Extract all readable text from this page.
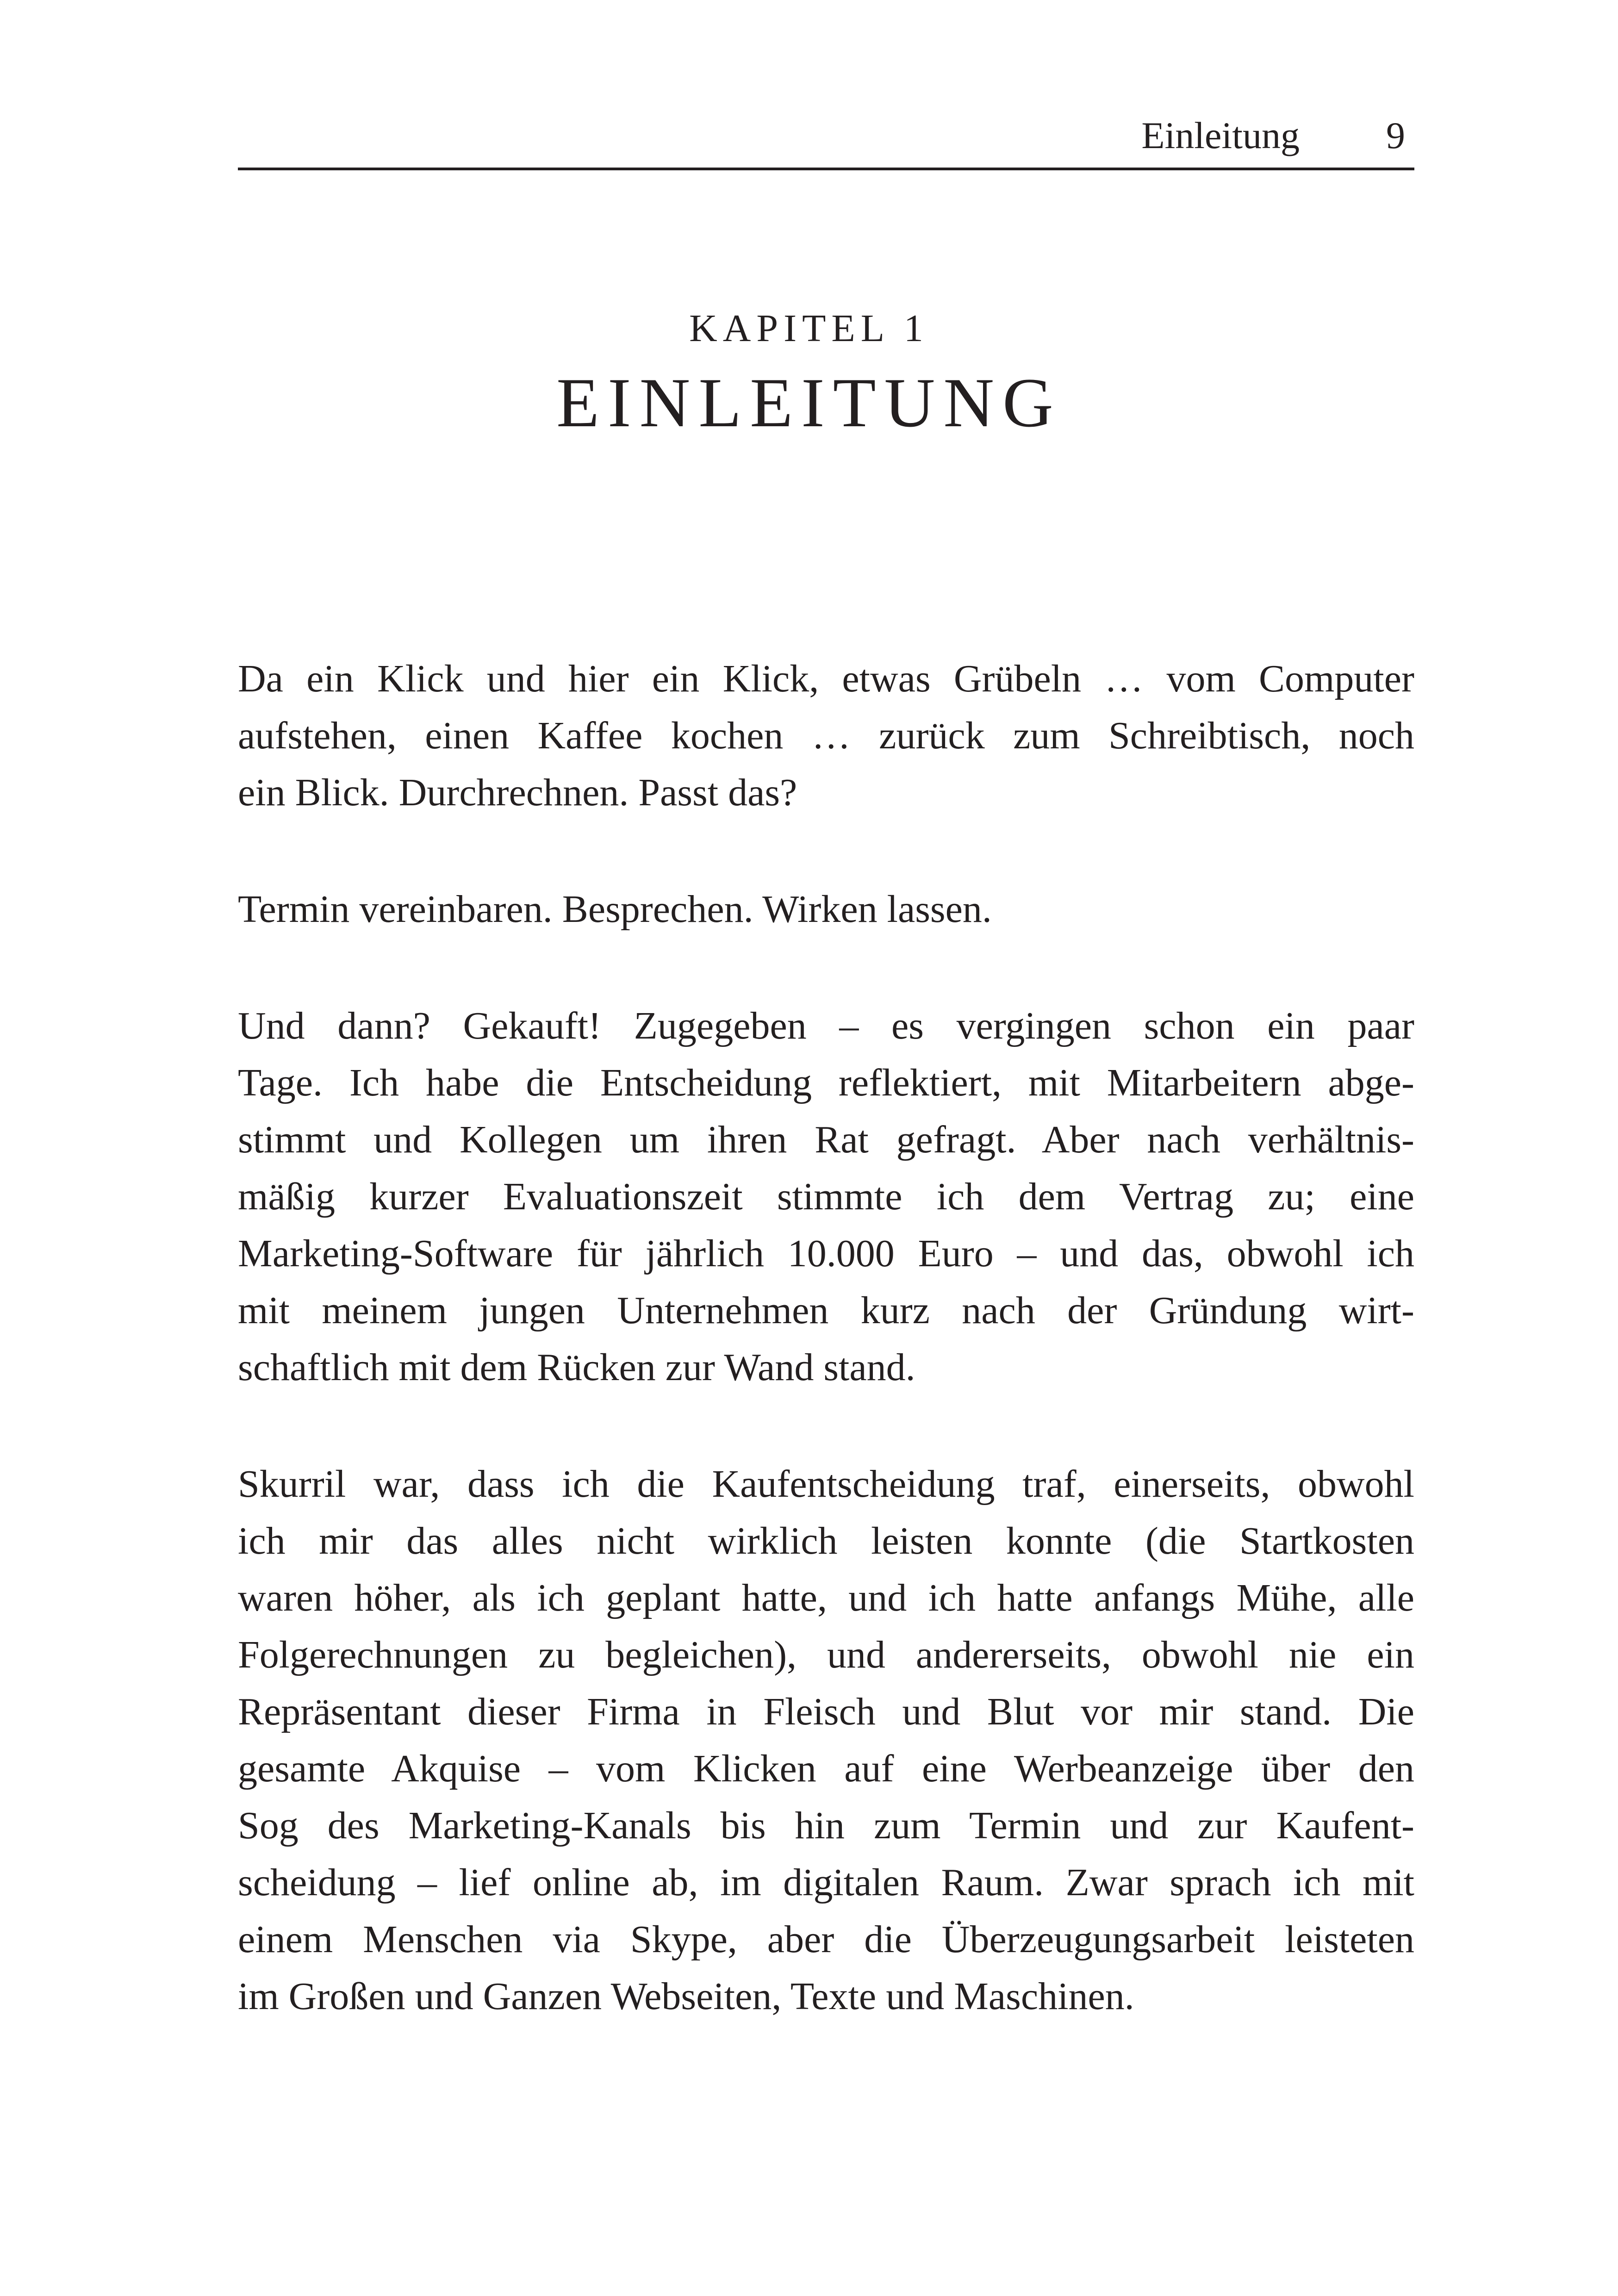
Einleitung 9
KAPITEL 1
EINLEITUNG

Da ein Klick und hier ein Klick, etwas Grübeln … vom Computer
aufstehen, einen Kaffee kochen … zurück zum Schreibtisch, noch
ein Blick. Durchrechnen. Passt das?

Termin vereinbaren. Besprechen. Wirken lassen.

Und dann? Gekauft! Zugegeben – es vergingen schon ein paar
Tage. Ich habe die Entscheidung reflektiert, mit Mitarbeitern abge-
stimmt und Kollegen um ihren Rat gefragt. Aber nach verhältnis-
mäßig kurzer Evaluationszeit stimmte ich dem Vertrag zu; eine
Marketing-Software für jährlich 10.000 Euro – und das, obwohl ich
mit meinem jungen Unternehmen kurz nach der Gründung wirt-
schaftlich mit dem Rücken zur Wand stand.

Skurril war, dass ich die Kaufentscheidung traf, einerseits, obwohl
ich mir das alles nicht wirklich leisten konnte (die Startkosten
waren höher, als ich geplant hatte, und ich hatte anfangs Mühe, alle
Folgerechnungen zu begleichen), und andererseits, obwohl nie ein
Repräsentant dieser Firma in Fleisch und Blut vor mir stand. Die
gesamte Akquise – vom Klicken auf eine Werbeanzeige über den
Sog des Marketing-Kanals bis hin zum Termin und zur Kaufent-
scheidung – lief online ab, im digitalen Raum. Zwar sprach ich mit
einem Menschen via Skype, aber die Überzeugungsarbeit leisteten
im Großen und Ganzen Webseiten, Texte und Maschinen.
